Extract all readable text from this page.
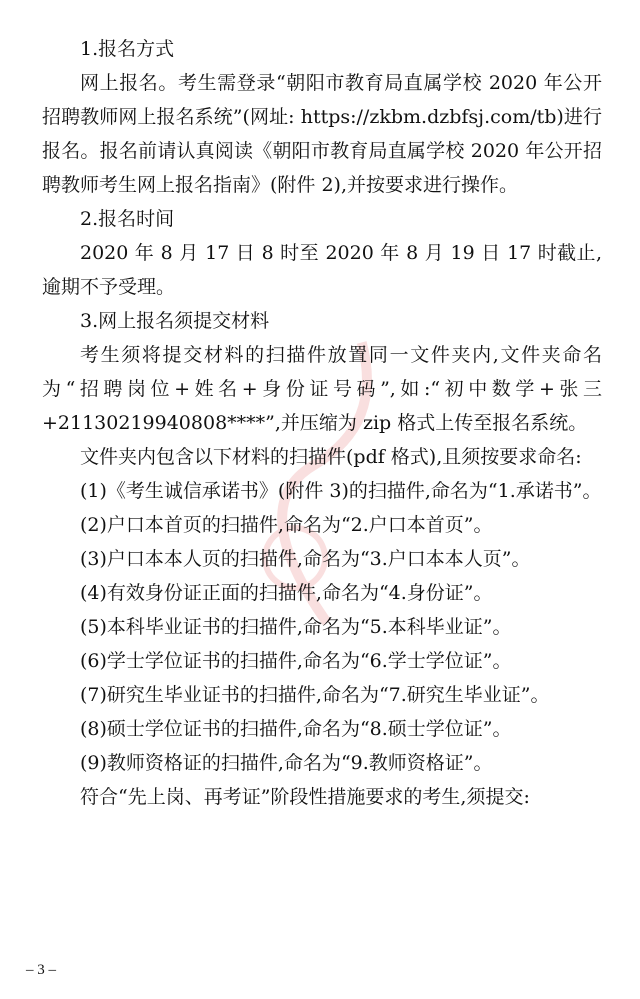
1.报名方式

网上报名。考生需登录“朝阳市教育局直属学校 2020 年公开招聘教师网上报名系统”(网址: https://zkbm.dzbfsj.com/tb)进行报名。报名前请认真阅读《朝阳市教育局直属学校 2020 年公开招聘教师考生网上报名指南》(附件 2),并按要求进行操作。

2.报名时间

2020 年 8 月 17 日 8 时至 2020 年 8 月 19 日 17 时截止,逾期不予受理。

3.网上报名须提交材料

考生须将提交材料的扫描件放置同一文件夹内,文件夹命名为“招聘岗位+姓名+身份证号码”,如:“初中数学+张三+21130219940808****”,并压缩为 zip 格式上传至报名系统。

文件夹内包含以下材料的扫描件(pdf 格式),且须按要求命名:

(1)《考生诚信承诺书》(附件 3)的扫描件,命名为“1.承诺书”。

(2)户口本首页的扫描件,命名为“2.户口本首页”。

(3)户口本本人页的扫描件,命名为“3.户口本本人页”。

(4)有效身份证正面的扫描件,命名为“4.身份证”。

(5)本科毕业证书的扫描件,命名为“5.本科毕业证”。

(6)学士学位证书的扫描件,命名为“6.学士学位证”。

(7)研究生毕业证书的扫描件,命名为“7.研究生毕业证”。

(8)硕士学位证书的扫描件,命名为“8.硕士学位证”。

(9)教师资格证的扫描件,命名为“9.教师资格证”。

符合“先上岗、再考证”阶段性措施要求的考生,须提交:

– 3 –
